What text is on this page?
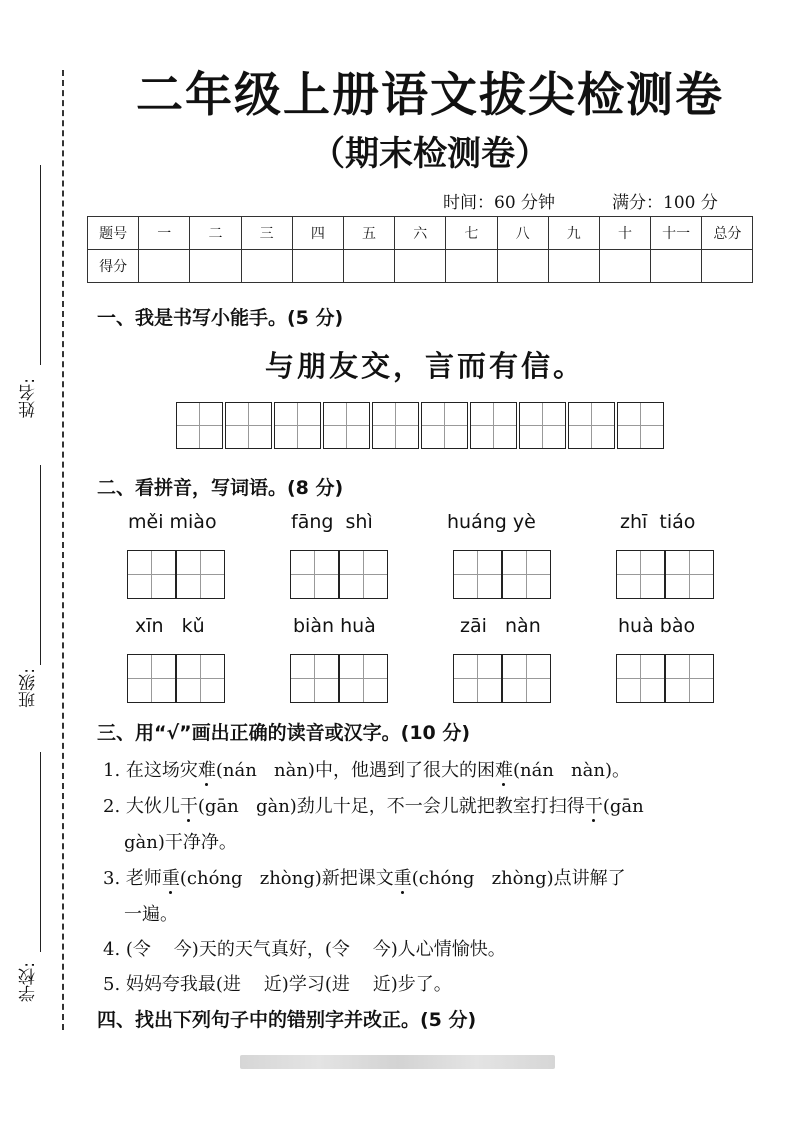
姓名:
班级:
学校:
二年级上册语文拔尖检测卷
（期末检测卷）
时间：60 分钟	满分：100 分
题号	一	二	三	四	五	六	七	八	九	十	十一	总分
得分												
一、我是书写小能手。(5 分)
与朋友交，言而有信。
二、看拼音，写词语。(8 分)
měi miào	fāng  shì	huáng yè	zhī  tiáo
xīn   kǔ	biàn huà	zāi   nàn	huà bào
三、用“√”画出正确的读音或汉字。(10 分)
1. 在这场灾难(nán   nàn)中，他遇到了很大的困难(nán   nàn)。
2. 大伙儿干(gān   gàn)劲儿十足，不一会儿就把教室打扫得干(gān
gàn)干净净。
3. 老师重(chóng   zhòng)新把课文重(chóng   zhòng)点讲解了
一遍。
4. (令    今)天的天气真好，(令    今)人心情愉快。
5. 妈妈夸我最(进    近)学习(进    近)步了。
四、找出下列句子中的错别字并改正。(5 分)
